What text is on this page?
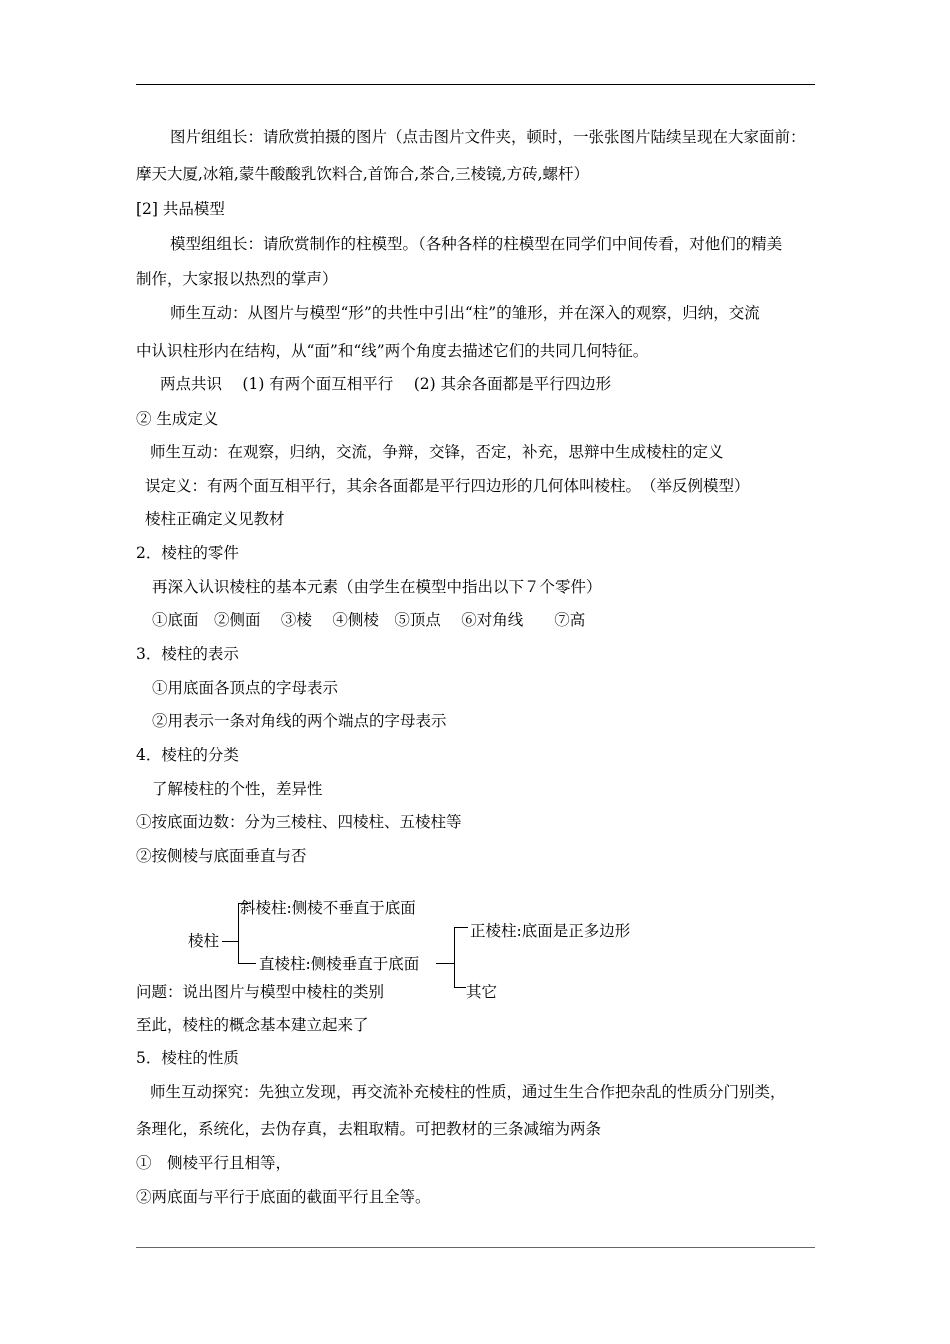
图片组组长：请欣赏拍摄的图片（点击图片文件夹，顿时，一张张图片陆续呈现在大家面前：
摩天大厦,冰箱,蒙牛酸酸乳饮料合,首饰合,茶合,三棱镜,方砖,螺杆）
[2] 共品模型
模型组组长：请欣赏制作的柱模型。（各种各样的柱模型在同学们中间传看，对他们的精美
制作，大家报以热烈的掌声）
师生互动：从图片与模型“形”的共性中引出“柱”的雏形，并在深入的观察，归纳，交流
中认识柱形内在结构，从“面”和“线”两个角度去描述它们的共同几何特征。
两点共识　 (1) 有两个面互相平行　 (2) 其余各面都是平行四边形
② 生成定义
师生互动：在观察，归纳，交流，争辩，交锋，否定，补充，思辩中生成棱柱的定义
误定义：有两个面互相平行，其余各面都是平行四边形的几何体叫棱柱。　（举反例模型）
棱柱正确定义见教材
2．棱柱的零件
再深入认识棱柱的基本元素（由学生在模型中指出以下７个零件）
①底面　②侧面　 ③棱　 ④侧棱　⑤顶点　 ⑥对角线　　⑦高
3．棱柱的表示
①用底面各顶点的字母表示
②用表示一条对角线的两个端点的字母表示
4．棱柱的分类
了解棱柱的个性，差异性
①按底面边数：分为三棱柱、四棱柱、五棱柱等
②按侧棱与底面垂直与否
棱柱
斜棱柱:侧棱不垂直于底面
直棱柱:侧棱垂直于底面
正棱柱:底面是正多边形
其它
问题：说出图片与模型中棱柱的类别
至此，棱柱的概念基本建立起来了
5．棱柱的性质
师生互动探究：先独立发现，再交流补充棱柱的性质，通过生生合作把杂乱的性质分门别类，
条理化，系统化，去伪存真，去粗取精。可把教材的三条减缩为两条
①　侧棱平行且相等，
②两底面与平行于底面的截面平行且全等。
